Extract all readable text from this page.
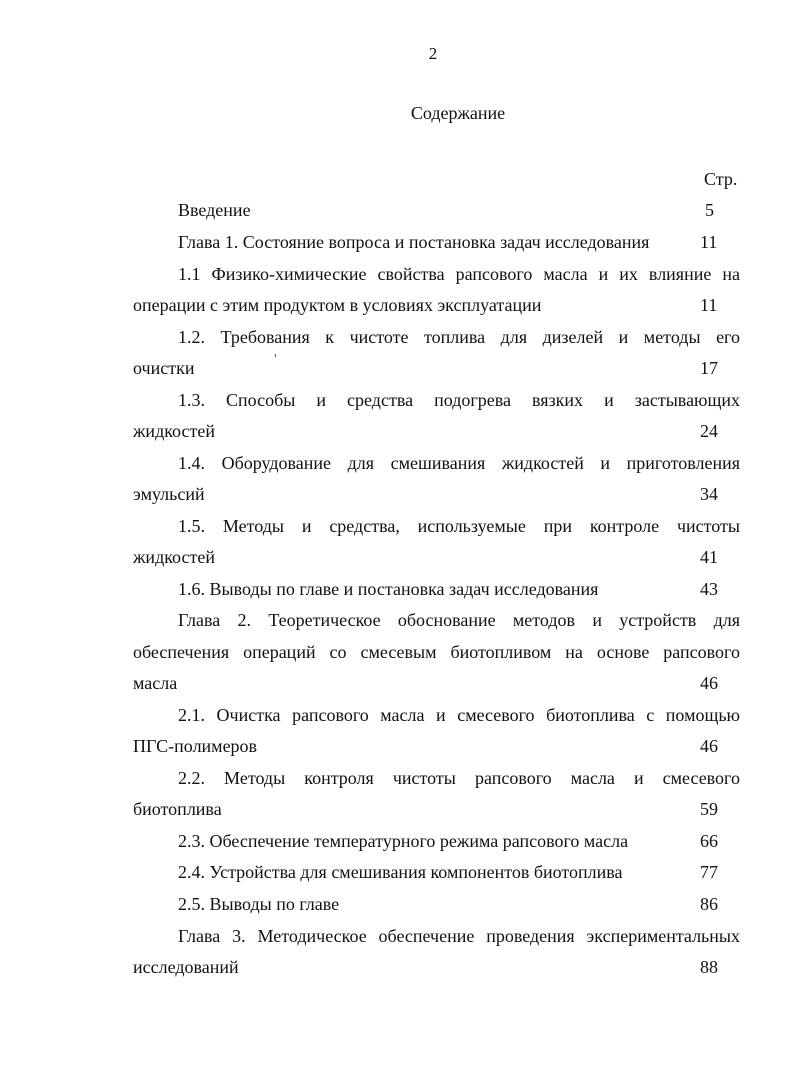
2
Содержание
Стр.
Введение	5
Глава 1. Состояние вопроса и постановка задач исследования	11
1.1 Физико-химические свойства рапсового масла и их влияние на
операции с этим продуктом в условиях эксплуатации	11
1.2. Требования к чистоте топлива для дизелей и методы его
очистки	17
1.3. Способы и средства подогрева вязких и застывающих
жидкостей	24
1.4. Оборудование для смешивания жидкостей и приготовления
эмульсий	34
1.5. Методы и средства, используемые при контроле чистоты
жидкостей	41
1.6. Выводы по главе и постановка задач исследования	43
Глава 2. Теоретическое обоснование методов и устройств для
обеспечения операций со смесевым биотопливом на основе рапсового
масла	46
2.1. Очистка рапсового масла и смесевого биотоплива с помощью
ПГС-полимеров	46
2.2. Методы контроля чистоты рапсового масла и смесевого
биотоплива	59
2.3. Обеспечение температурного режима рапсового масла	66
2.4. Устройства для смешивания компонентов биотоплива	77
2.5. Выводы по главе	86
Глава 3. Методическое обеспечение проведения экспериментальных
исследований	88
